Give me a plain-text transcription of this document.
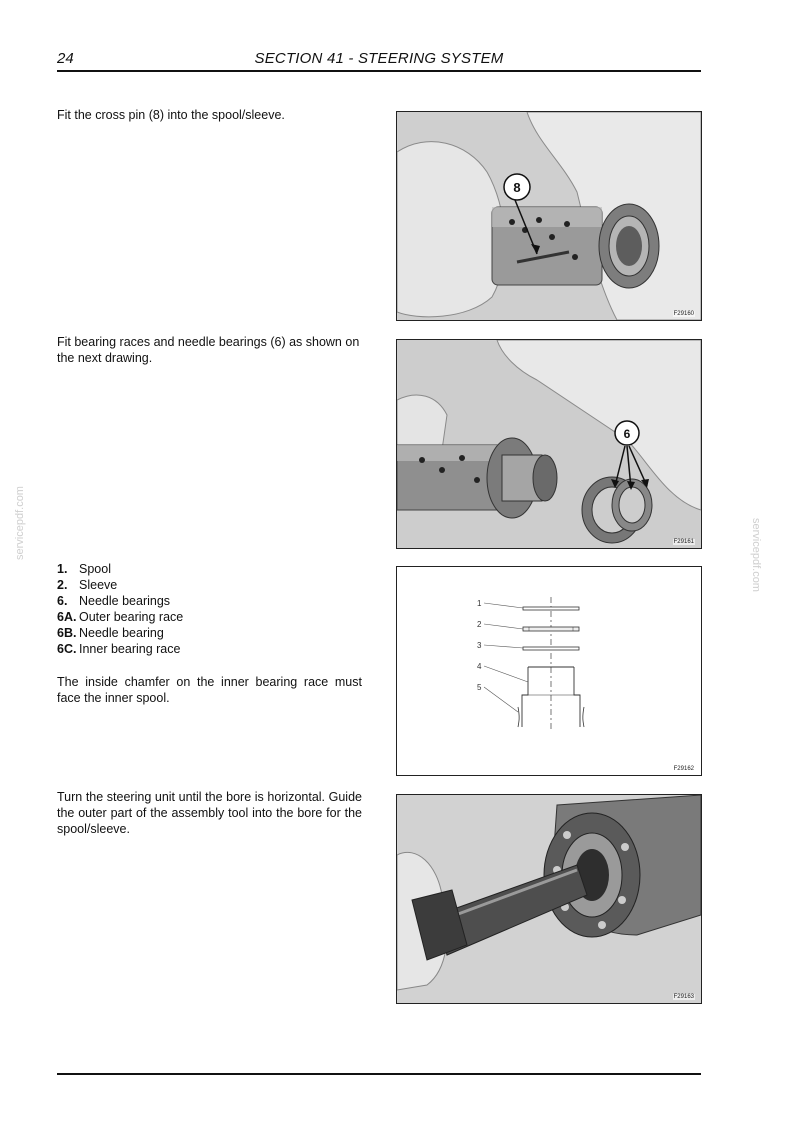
24	SECTION 41 - STEERING SYSTEM
Fit the cross pin (8) into the spool/sleeve.
Fit bearing races and needle bearings (6) as shown on the next drawing.
1. Spool
2. Sleeve
6. Needle bearings
6A. Outer bearing race
6B. Needle bearing
6C. Inner bearing race
The inside chamfer on the inner bearing race must face the inner spool.
Turn the steering unit until the bore is horizontal. Guide the outer part of the assembly tool into the bore for the spool/sleeve.
8
F29160
6
F29161
1
2
3
4
5
F29162
F29163
servicepdf.com	servicepdf.com
